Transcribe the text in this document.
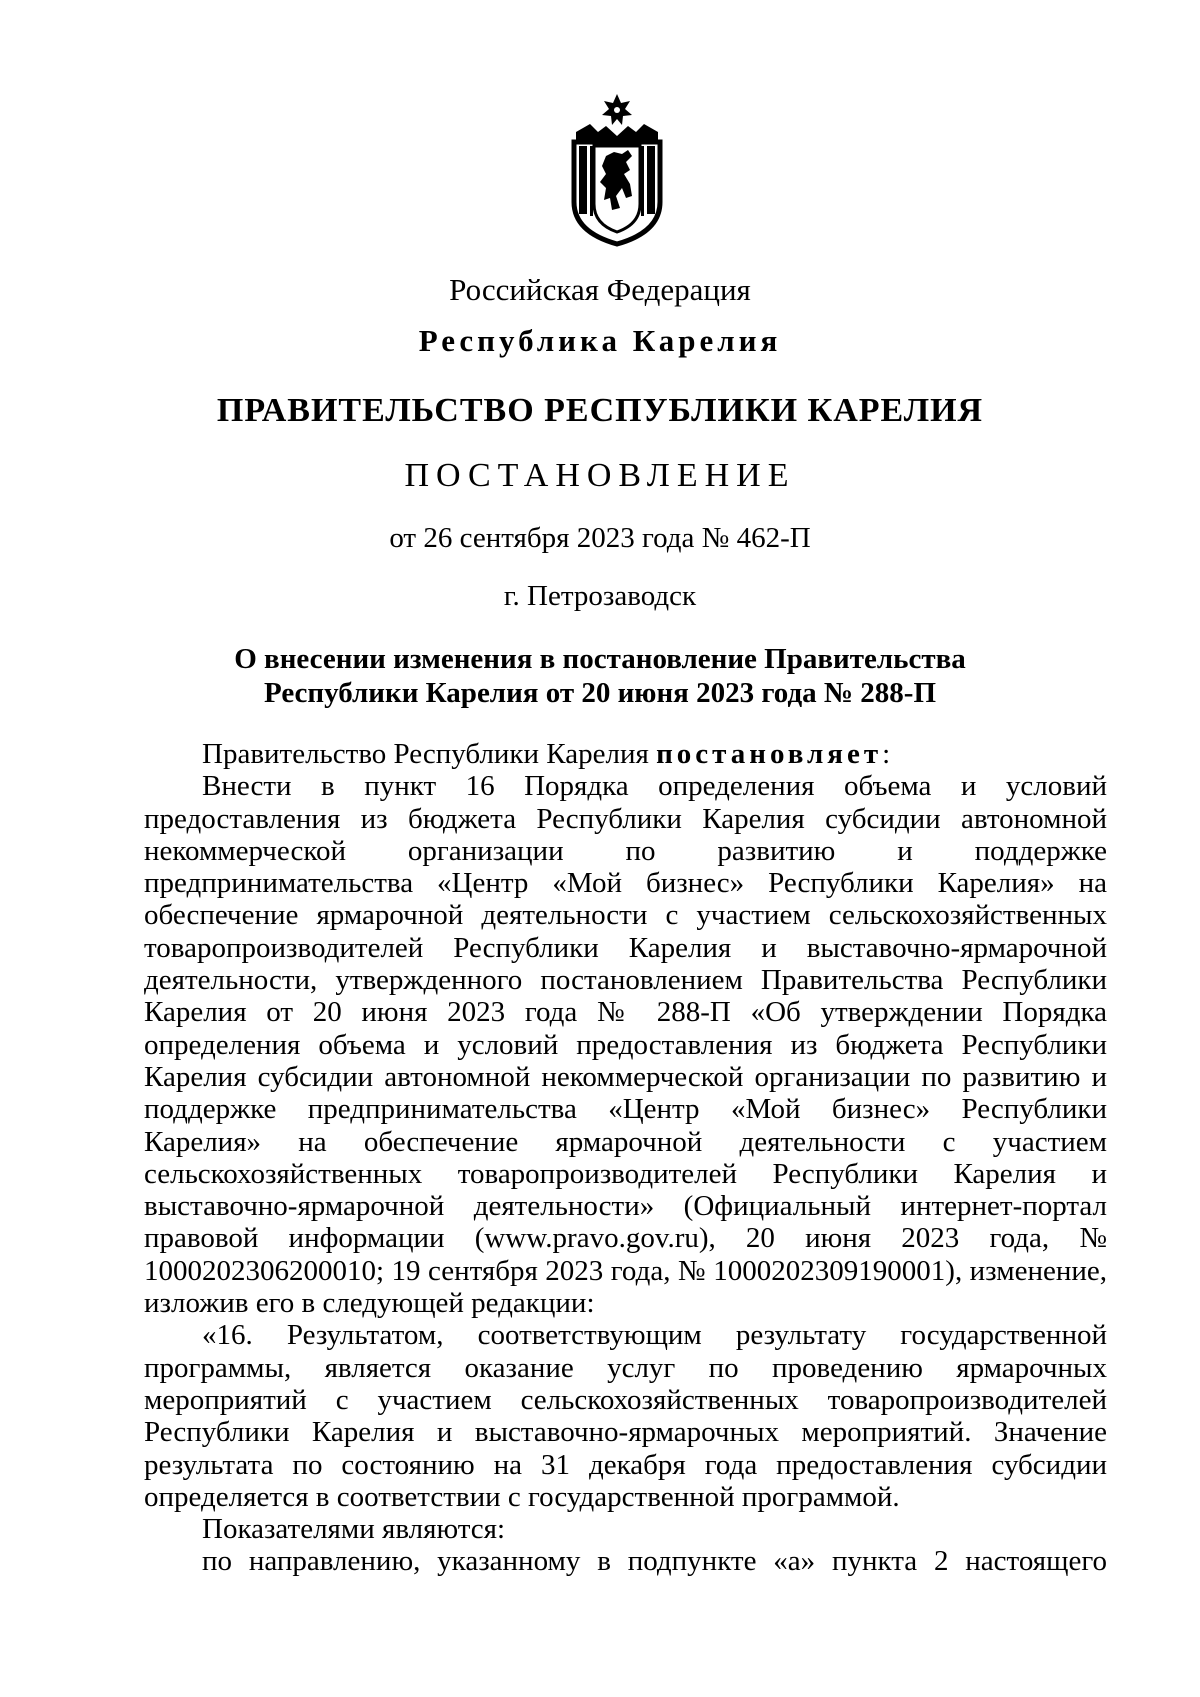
Российская Федерация
Республика Карелия
ПРАВИТЕЛЬСТВО РЕСПУБЛИКИ КАРЕЛИЯ
ПОСТАНОВЛЕНИЕ
от 26 сентября 2023 года № 462-П
г. Петрозаводск
О внесении изменения в постановление Правительства
Республики Карелия от 20 июня 2023 года № 288-П

Правительство Республики Карелия постановляет:

Внести в пункт 16 Порядка определения объема и условий предоставления из бюджета Республики Карелия субсидии автономной некоммерческой организации по развитию и поддержке предпринимательства «Центр «Мой бизнес» Республики Карелия» на обеспечение ярмарочной деятельности с участием сельскохозяйственных товаропроизводителей Республики Карелия и выставочно-ярмарочной деятельности, утвержденного постановлением Правительства Республики Карелия от 20 июня 2023 года № 288-П «Об утверждении Порядка определения объема и условий предоставления из бюджета Республики Карелия субсидии автономной некоммерческой организации по развитию и поддержке предпринимательства «Центр «Мой бизнес» Республики Карелия» на обеспечение ярмарочной деятельности с участием сельскохозяйственных товаропроизводителей Республики Карелия и выставочно-ярмарочной деятельности» (Официальный интернет-портал правовой информации (www.pravo.gov.ru), 20 июня 2023 года, № 1000202306200010; 19 сентября 2023 года, № 1000202309190001), изменение, изложив его в следующей редакции:

«16. Результатом, соответствующим результату государственной программы, является оказание услуг по проведению ярмарочных мероприятий с участием сельскохозяйственных товаропроизводителей Республики Карелия и выставочно-ярмарочных мероприятий. Значение результата по состоянию на 31 декабря года предоставления субсидии определяется в соответствии с государственной программой.

Показателями являются:

по направлению, указанному в подпункте «а» пункта 2 настоящего
